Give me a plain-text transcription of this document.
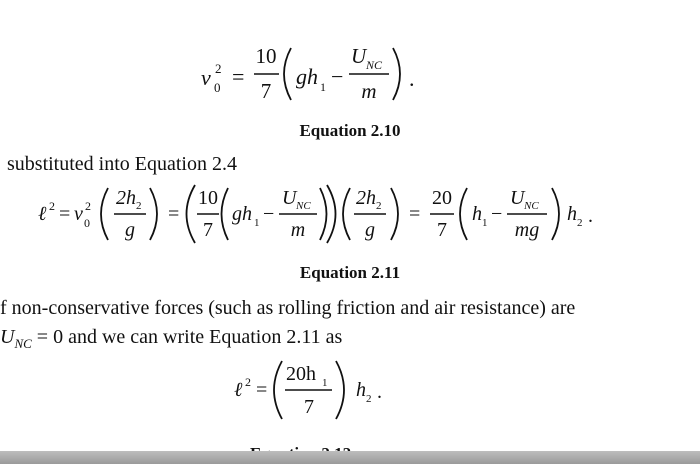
v 2
0 =
10
7
gh 1 −
U NC
m .
Equation 2.10
substituted into Equation 2.4
ℓ 2 = v 2
0
2h 2
g
=
10
7
gh 1 −
U NC
m
2h 2
g
=
20
7
h 1 −
U NC
mg
h 2 .
Equation 2.11
f non-conservative forces (such as rolling friction and air resistance) are
$U_{NC} = 0$ and we can write Equation 2.11 as
ℓ 2 =
20h 1
7
h 2 .
